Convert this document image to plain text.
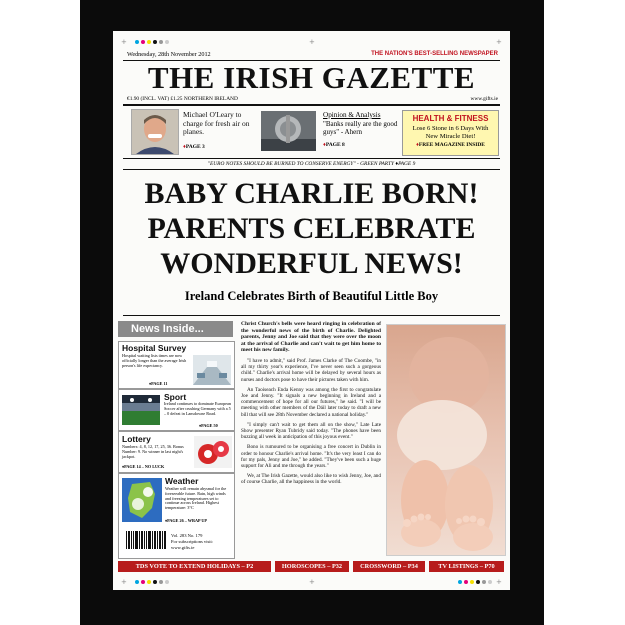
+
+	+
+	+	+
Wednesday, 28th November 2012	THE NATION'S BEST-SELLING NEWSPAPER
THE IRISH GAZETTE
€1.90 (INCL. VAT) £1.25 NORTHERN IRELAND	www.gifts.ie
Michael O'Leary to charge for fresh air on planes.
♦PAGE 3
Opinion & Analysis
"Banks really are the good guys" - Ahern
♦PAGE 8
HEALTH & FITNESS
Lose 6 Stone in 6 Days With New Miracle Diet!
♦FREE MAGAZINE INSIDE
"EURO NOTES SHOULD BE BURNED TO CONSERVE ENERGY" - GREEN PARTY ♦PAGE 9
BABY CHARLIE BORN!
PARENTS CELEBRATE
WONDERFUL NEWS!
Ireland Celebrates Birth of Beautiful Little Boy
News Inside...
Hospital Survey
Hospital waiting lists times are now officially longer than the average Irish person's life expectancy.
♦PAGE 11
Sport
Ireland continues to dominate European Soccer after crushing Germany with a 5 – 0 defeat in Lansdowne Road.
♦PAGE 50
Lottery
Numbers: 4, 8, 12, 17, 25, 36. Bonus Number: 9. No winner in last night's jackpot.
♦PAGE 14 – NO LUCK
Weather
Weather will remain abysmal for the foreseeable future. Rain, high winds and freezing temperatures set to continue across Ireland. Highest temperature: 3°C
♦PAGE 26 – WRAP UP
Vol. 283 No. 179
For subscriptions visit:
www.gifts.ie

Christ Church's bells were heard ringing in celebration of the wonderful news of the birth of Charlie. Delighted parents, Jenny and Joe said that they were over the moon at the arrival of Charlie and can't wait to get him home to meet his new family.

"I have to admit," said Prof. James Clarke of The Coombe, "in all my thirty year's experience, I've never seen such a gorgeous child." Charlie's arrival home will be delayed by several hours as nurses and doctors pose to have their pictures taken with him.

An Taoiseach Enda Kenny was among the first to congratulate Joe and Jenny. "It signals a new beginning in Ireland and a commencement of hope for all our futures," he said. "I will be meeting with other members of the Dáil later today to draft a new bill that will see 28th November declared a national holiday."

"I simply can't wait to get them all on the show," Late Late Show presenter Ryan Tubridy said today. "The phones have been buzzing all week in anticipation of this joyous event."

Bono is rumoured to be organising a free concert in Dublin in order to honour Charlie's arrival home. "It's the very least I can do for my pals, Jenny and Joe," he added. "They've been such a huge support for Ali and me through the years."

We, at The Irish Gazette, would also like to wish Jenny, Joe, and of course Charlie, all the happiness in the world.

TDS VOTE TO EXTEND HOLIDAYS – P2	HOROSCOPES – P32	CROSSWORD – P34	TV LISTINGS – P70
